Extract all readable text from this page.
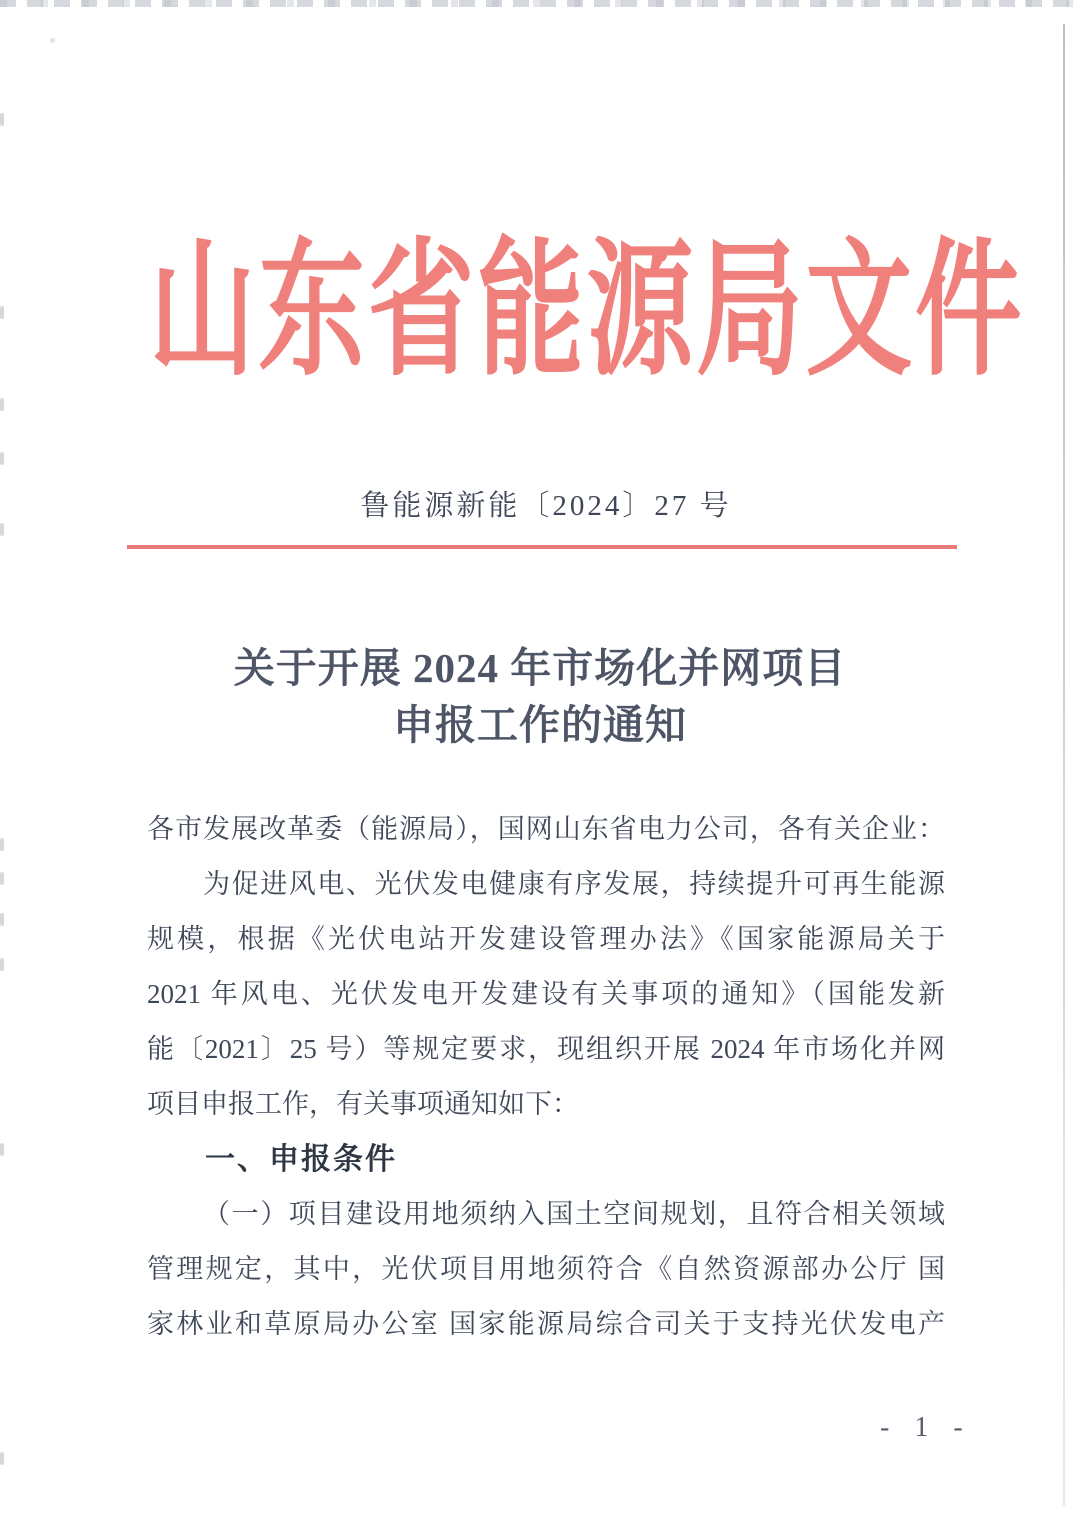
山东省能源局文件
鲁能源新能〔2024〕27 号
关于开展 2024 年市场化并网项目
申报工作的通知
各市发展改革委（能源局），国网山东省电力公司，各有关企业：
为促进风电、光伏发电健康有序发展，持续提升可再生能源
规模，根据《光伏电站开发建设管理办法》《国家能源局关于
2021 年风电、光伏发电开发建设有关事项的通知》（国能发新
能〔2021〕25 号）等规定要求，现组织开展 2024 年市场化并网
项目申报工作，有关事项通知如下：
一、申报条件
（一）项目建设用地须纳入国土空间规划，且符合相关领域
管理规定，其中，光伏项目用地须符合《自然资源部办公厅 国
家林业和草原局办公室 国家能源局综合司关于支持光伏发电产
- 1 -
